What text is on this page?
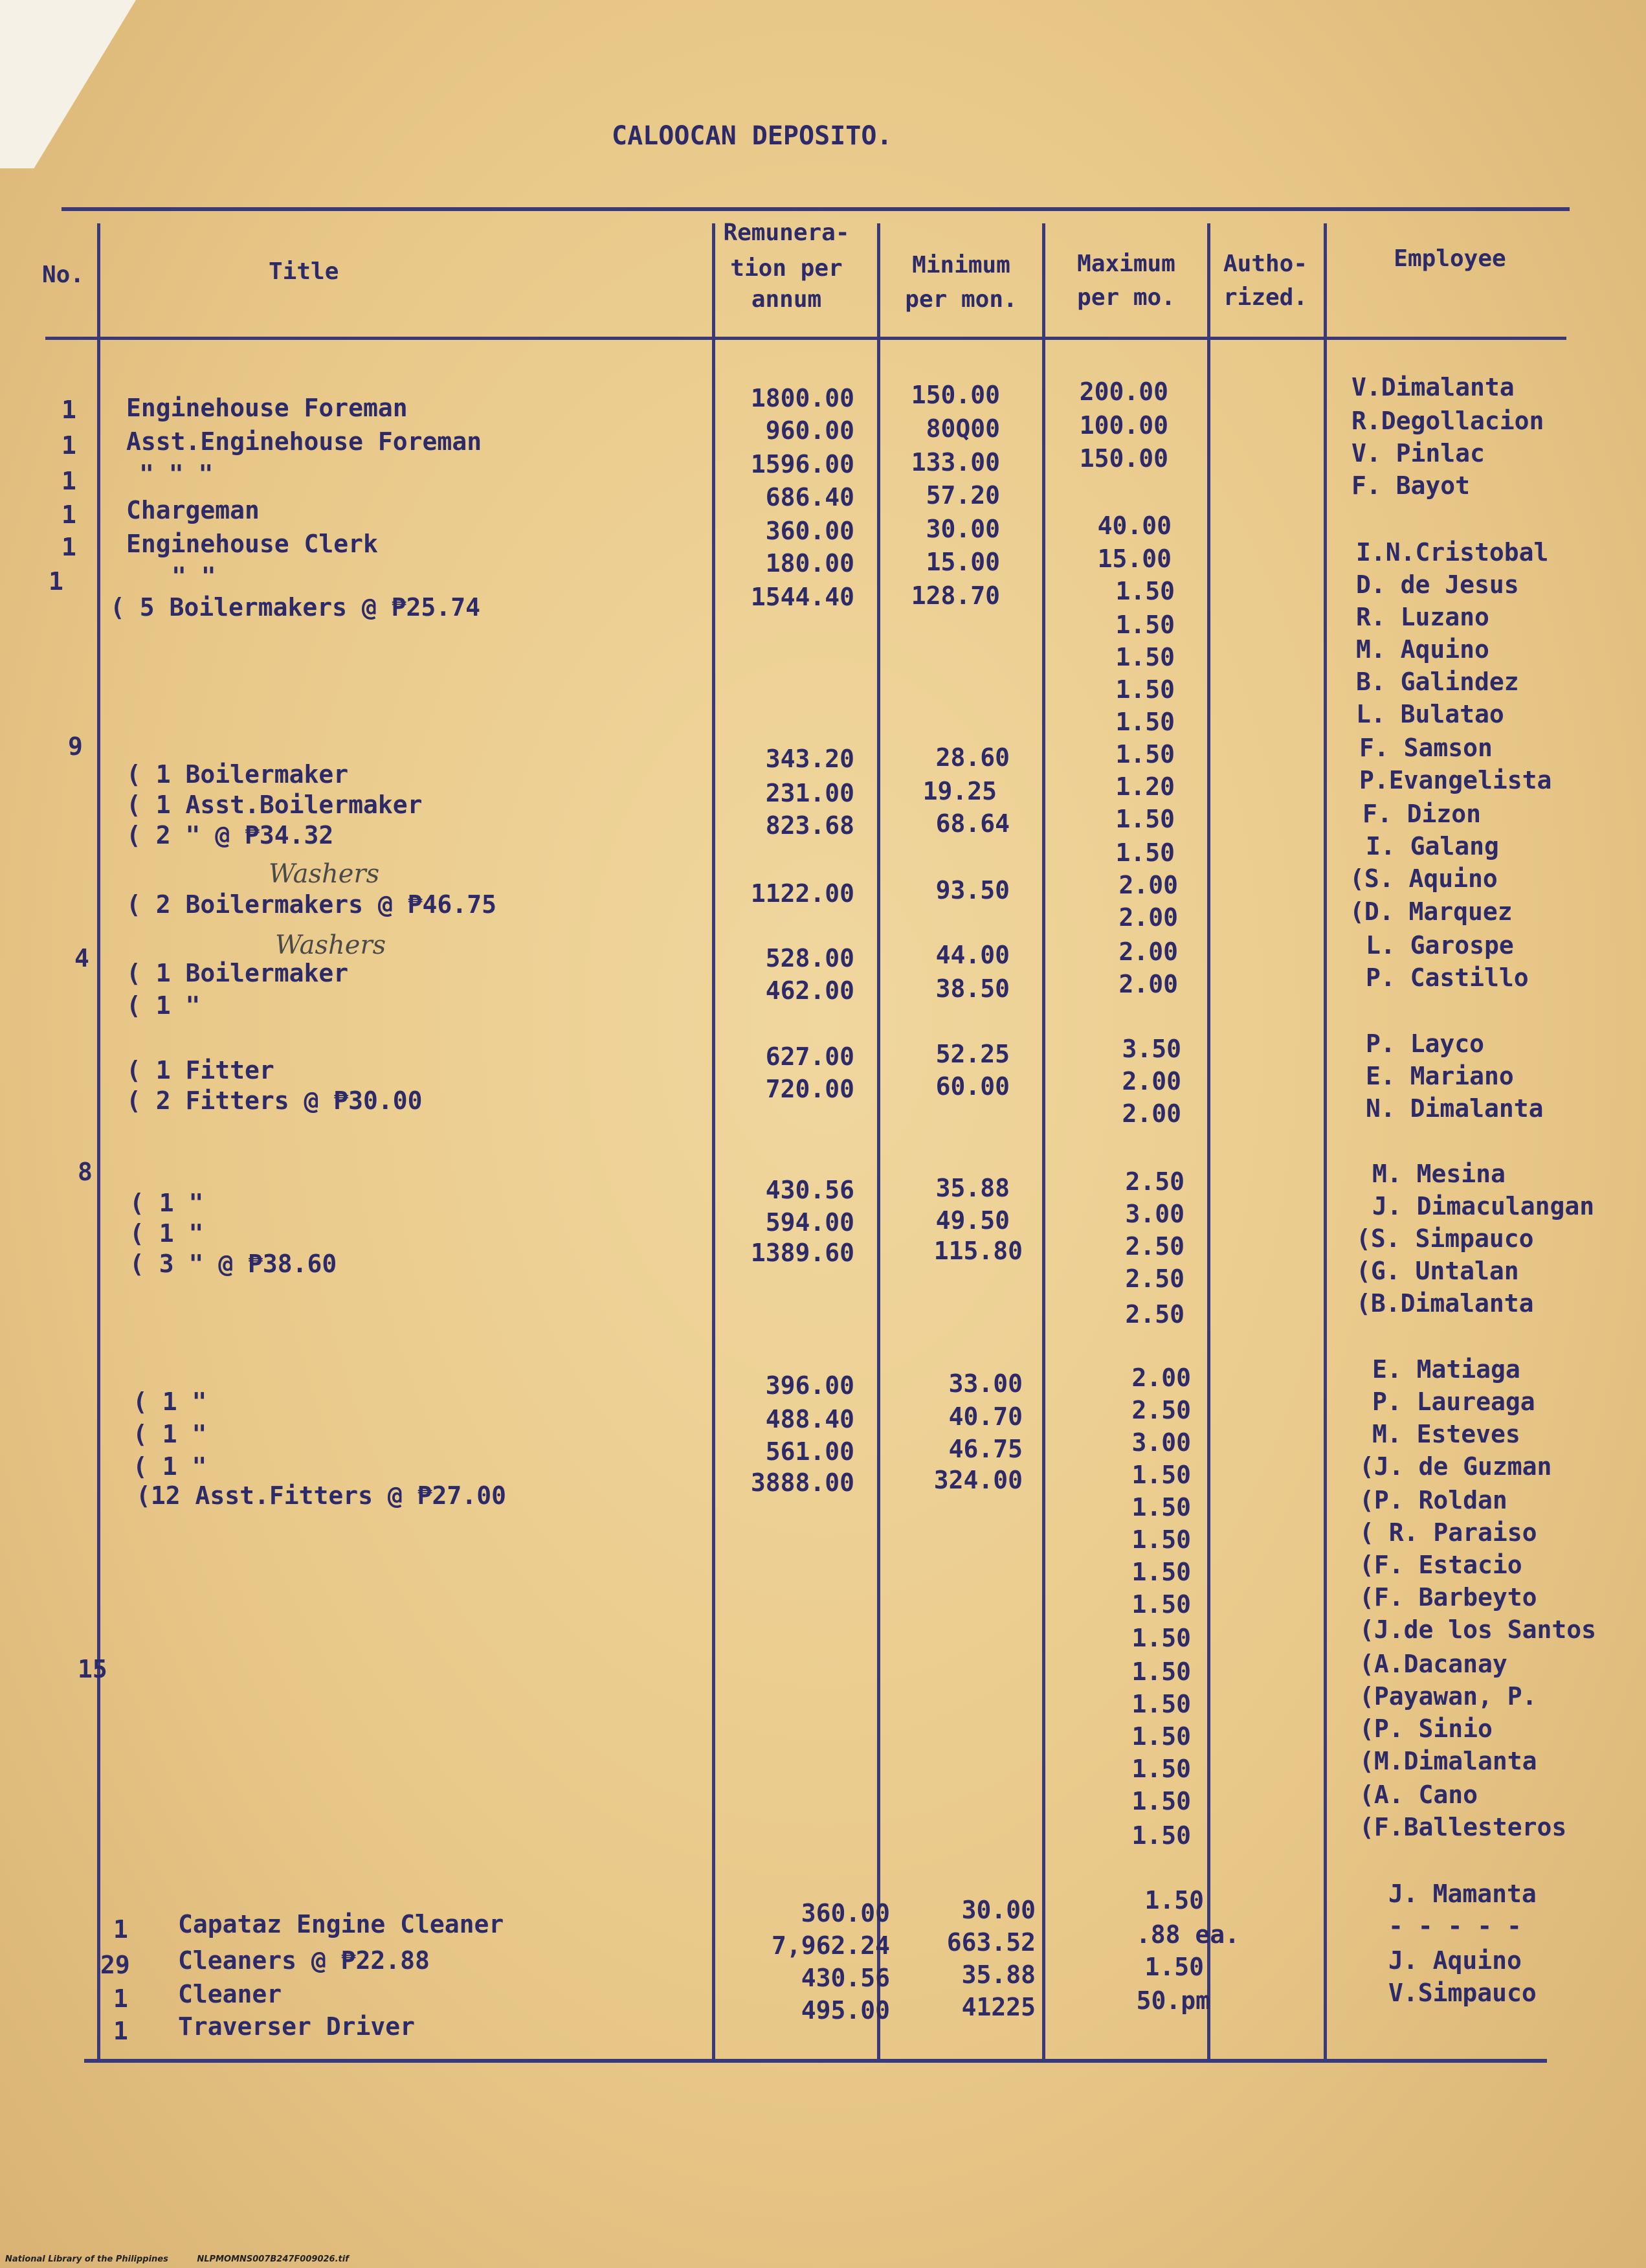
CALOOCAN DEPOSITO.
No.	Title
Remunera-
tion per
annum
Minimum
per mon.
Maximum
per mo.
Autho-
rized.
Employee
1
1
1
1
1
1
9
4
8
15
1
29
1
1
Enginehouse Foreman
Asst.Enginehouse Foreman
" " "
Chargeman
Enginehouse Clerk
" "
( 5 Boilermakers @ ₱25.74
( 1 Boilermaker
( 1 Asst.Boilermaker
( 2 " @ ₱34.32
( 2 Boilermakers @ ₱46.75
( 1 Boilermaker
( 1 "
( 1 Fitter
( 2 Fitters @ ₱30.00
( 1 "
( 1 "
( 3 " @ ₱38.60
( 1 "
( 1 "
( 1 "
(12 Asst.Fitters @ ₱27.00
Capataz Engine Cleaner
Cleaners @ ₱22.88
Cleaner
Traverser Driver
Washers
Washers
1800.00
960.00
1596.00
686.40
360.00
180.00
1544.40
343.20
231.00
823.68
1122.00
528.00
462.00
627.00
720.00
430.56
594.00
1389.60
396.00
488.40
561.00
3888.00
360.00
7,962.24
430.56
495.00
150.00
80Q00
133.00
57.20
30.00
15.00
128.70
28.60
19.25
68.64
93.50
44.00
38.50
52.25
60.00
35.88
49.50
115.80
33.00
40.70
46.75
324.00
30.00
663.52
35.88
41225
200.00
100.00
150.00
40.00
15.00
1.50
1.50
1.50
1.50
1.50
1.50
1.20
1.50
1.50
2.00
2.00
2.00
2.00
3.50
2.00
2.00
2.50
3.00
2.50
2.50
2.50
2.00
2.50
3.00
1.50
1.50
1.50
1.50
1.50
1.50
1.50
1.50
1.50
1.50
1.50
1.50
1.50
.88 ea.
1.50
50.pm
V.Dimalanta
R.Degollacion
V. Pinlac
F. Bayot
I.N.Cristobal
D. de Jesus
R. Luzano
M. Aquino
B. Galindez
L. Bulatao
F. Samson
P.Evangelista
F. Dizon
I. Galang
(S. Aquino
(D. Marquez
L. Garospe
P. Castillo
P. Layco
E. Mariano
N. Dimalanta
M. Mesina
J. Dimaculangan
(S. Simpauco
(G. Untalan
(B.Dimalanta
E. Matiaga
P. Laureaga
M. Esteves
(J. de Guzman
(P. Roldan
( R. Paraiso
(F. Estacio
(F. Barbeyto
(J.de los Santos
(A.Dacanay
(Payawan, P.
(P. Sinio
(M.Dimalanta
(A. Cano
(F.Ballesteros
J. Mamanta
- - - - -
J. Aquino
V.Simpauco
National Library of the Philippines	NLPMOMNS007B247F009026.tif
